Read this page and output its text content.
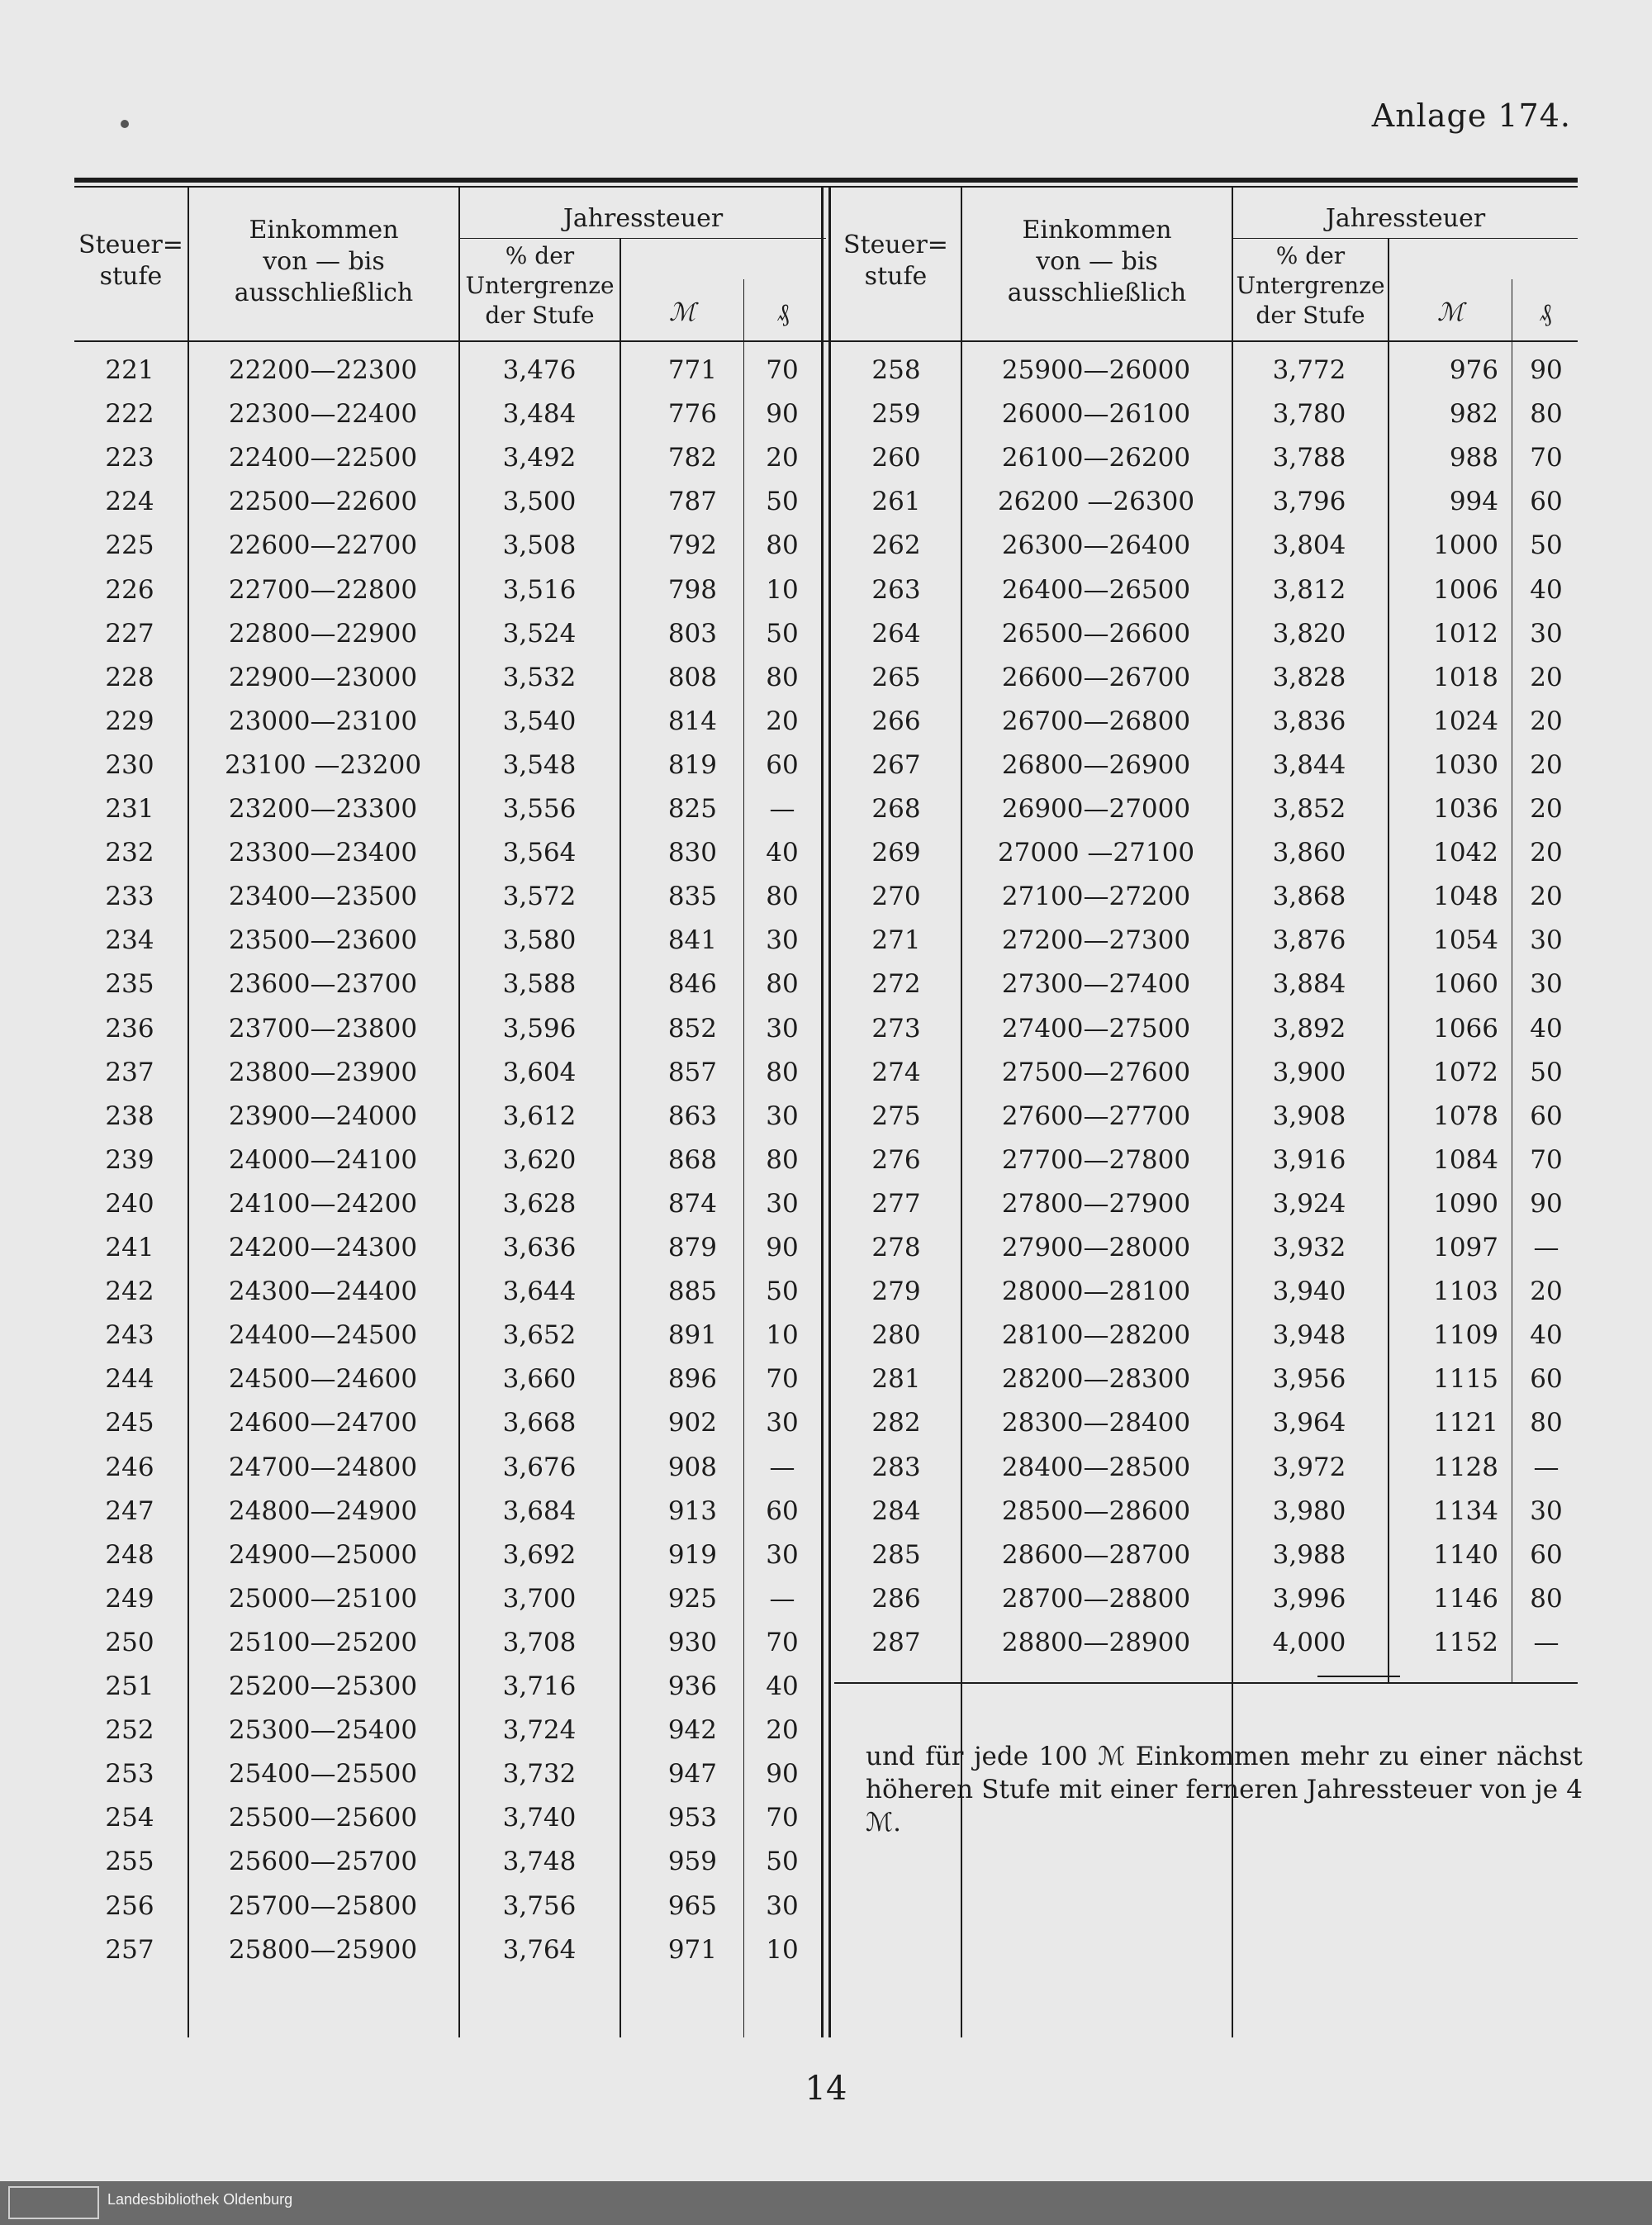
Anlage 174.
Steuer=
stufe
Einkommen
von — bis
ausschließlich
Jahressteuer
% der
Untergrenze
der Stufe	ℳ	₰
Steuer=
stufe
Einkommen
von — bis
ausschließlich
Jahressteuer
% der
Untergrenze
der Stufe	ℳ	₰
221	22200—22300	3,476	771	70
222	22300—22400	3,484	776	90
223	22400—22500	3,492	782	20
224	22500—22600	3,500	787	50
225	22600—22700	3,508	792	80
226	22700—22800	3,516	798	10
227	22800—22900	3,524	803	50
228	22900—23000	3,532	808	80
229	23000—23100	3,540	814	20
230	23100 —23200	3,548	819	60
231	23200—23300	3,556	825	—
232	23300—23400	3,564	830	40
233	23400—23500	3,572	835	80
234	23500—23600	3,580	841	30
235	23600—23700	3,588	846	80
236	23700—23800	3,596	852	30
237	23800—23900	3,604	857	80
238	23900—24000	3,612	863	30
239	24000—24100	3,620	868	80
240	24100—24200	3,628	874	30
241	24200—24300	3,636	879	90
242	24300—24400	3,644	885	50
243	24400—24500	3,652	891	10
244	24500—24600	3,660	896	70
245	24600—24700	3,668	902	30
246	24700—24800	3,676	908	—
247	24800—24900	3,684	913	60
248	24900—25000	3,692	919	30
249	25000—25100	3,700	925	—
250	25100—25200	3,708	930	70
251	25200—25300	3,716	936	40
252	25300—25400	3,724	942	20
253	25400—25500	3,732	947	90
254	25500—25600	3,740	953	70
255	25600—25700	3,748	959	50
256	25700—25800	3,756	965	30
257	25800—25900	3,764	971	10
258	25900—26000	3,772	976	90
259	26000—26100	3,780	982	80
260	26100—26200	3,788	988	70
261	26200 —26300	3,796	994	60
262	26300—26400	3,804	1000	50
263	26400—26500	3,812	1006	40
264	26500—26600	3,820	1012	30
265	26600—26700	3,828	1018	20
266	26700—26800	3,836	1024	20
267	26800—26900	3,844	1030	20
268	26900—27000	3,852	1036	20
269	27000 —27100	3,860	1042	20
270	27100—27200	3,868	1048	20
271	27200—27300	3,876	1054	30
272	27300—27400	3,884	1060	30
273	27400—27500	3,892	1066	40
274	27500—27600	3,900	1072	50
275	27600—27700	3,908	1078	60
276	27700—27800	3,916	1084	70
277	27800—27900	3,924	1090	90
278	27900—28000	3,932	1097	—
279	28000—28100	3,940	1103	20
280	28100—28200	3,948	1109	40
281	28200—28300	3,956	1115	60
282	28300—28400	3,964	1121	80
283	28400—28500	3,972	1128	—
284	28500—28600	3,980	1134	30
285	28600—28700	3,988	1140	60
286	28700—28800	3,996	1146	80
287	28800—28900	4,000	1152	—
und für jede 100 ℳ Einkommen mehr zu einer nächst höheren Stufe mit einer ferneren Jahressteuer von je 4 ℳ.
14
Landesbibliothek Oldenburg
